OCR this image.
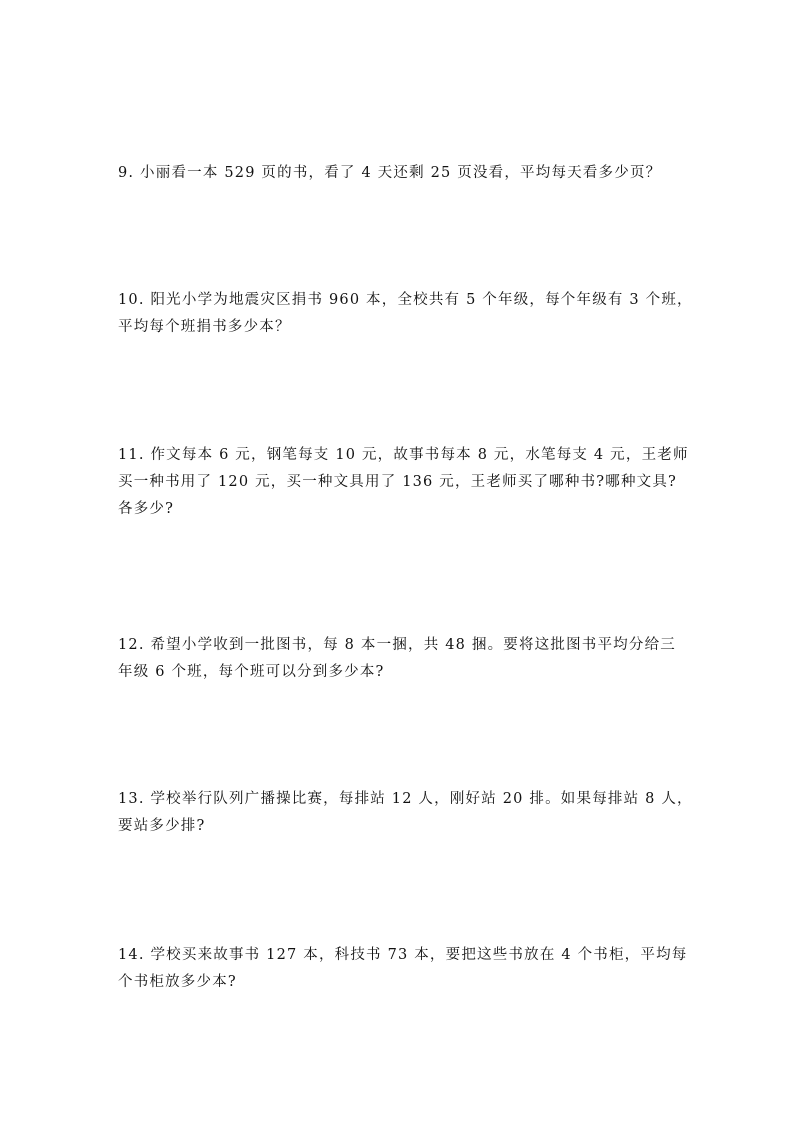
9. 小丽看一本 529 页的书，看了 4 天还剩 25 页没看，平均每天看多少页？
10. 阳光小学为地震灾区捐书 960 本，全校共有 5 个年级，每个年级有 3 个班，
平均每个班捐书多少本？
11. 作文每本 6 元，钢笔每支 10 元，故事书每本 8 元，水笔每支 4 元，王老师
买一种书用了 120 元，买一种文具用了 136 元，王老师买了哪种书?哪种文具?
各多少?
12. 希望小学收到一批图书，每 8 本一捆，共 48 捆。要将这批图书平均分给三
年级 6 个班，每个班可以分到多少本?
13. 学校举行队列广播操比赛，每排站 12 人，刚好站 20 排。如果每排站 8 人，
要站多少排?
14. 学校买来故事书 127 本，科技书 73 本，要把这些书放在 4 个书柜，平均每
个书柜放多少本?
